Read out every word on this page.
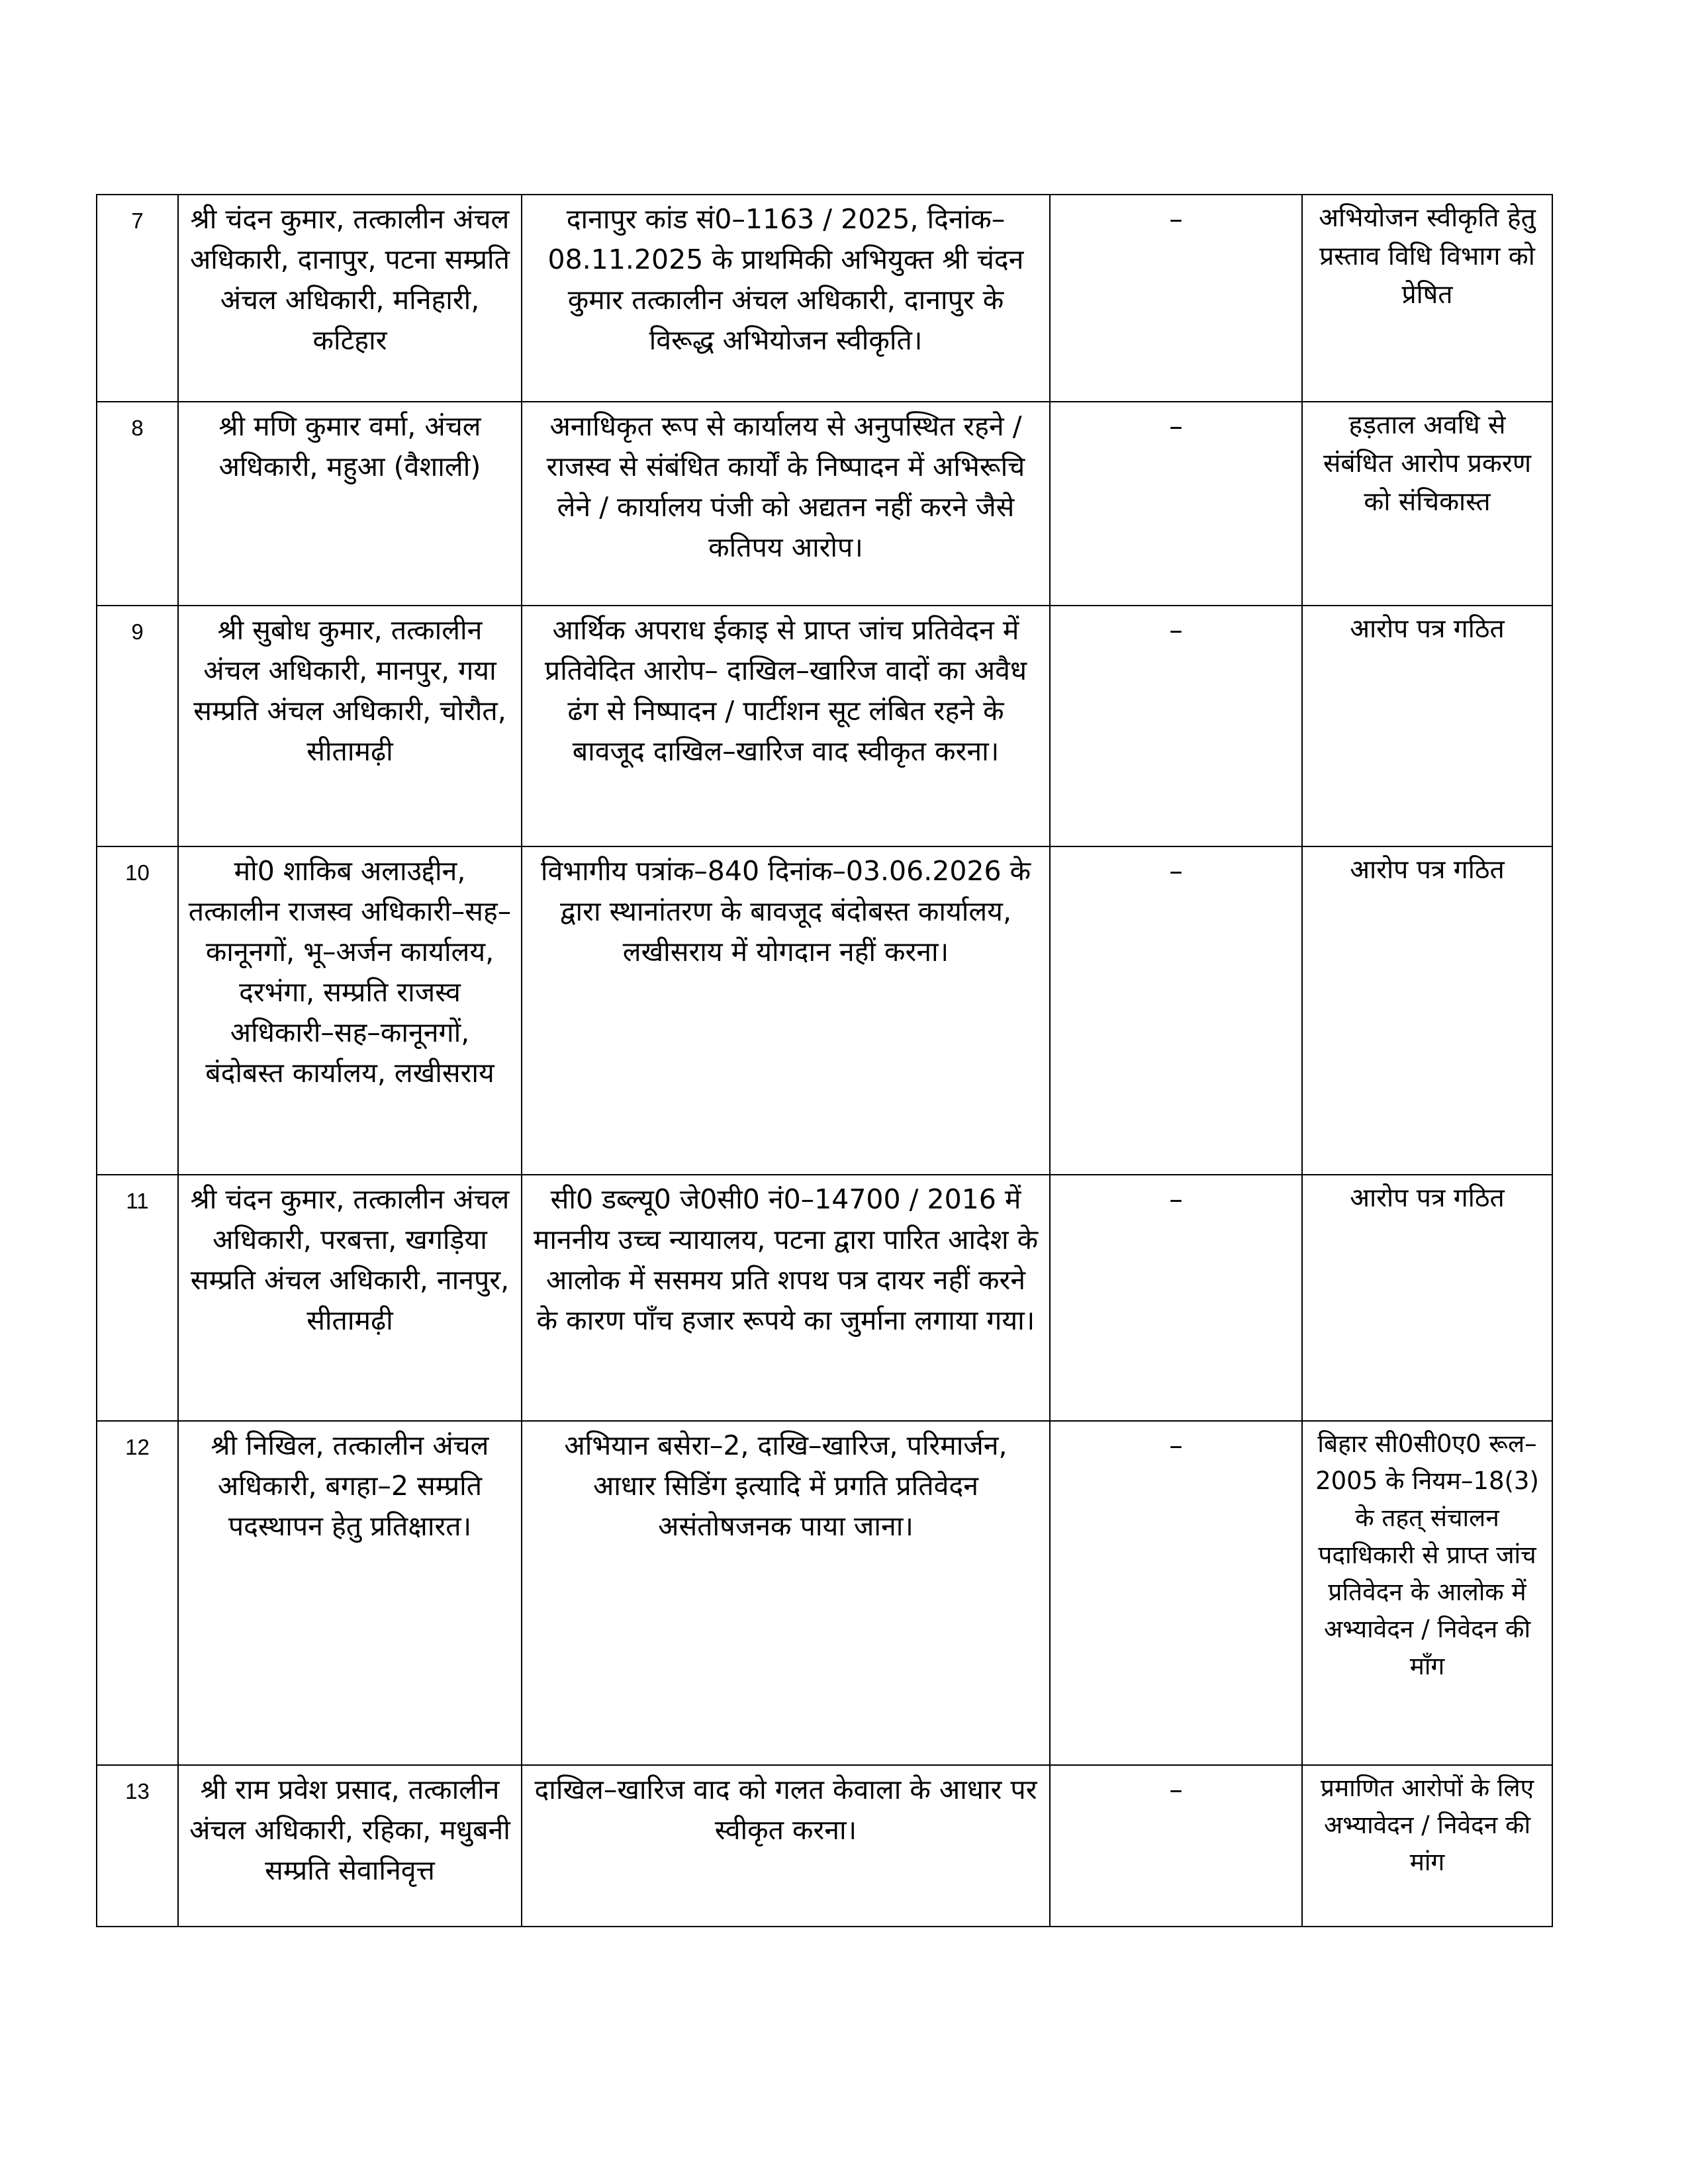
7	श्री चंदन कुमार, तत्कालीन अंचल अधिकारी, दानापुर, पटना सम्प्रति अंचल अधिकारी, मनिहारी, कटिहार	दानापुर कांड सं0–1163 / 2025, दिनांक–08.11.2025 के प्राथमिकी अभियुक्त श्री चंदन कुमार तत्कालीन अंचल अधिकारी, दानापुर के विरूद्ध अभियोजन स्वीकृति।	–	अभियोजन स्वीकृति हेतु प्रस्ताव विधि विभाग को प्रेषित
8	श्री मणि कुमार वर्मा, अंचल अधिकारी, महुआ (वैशाली)	अनाधिकृत रूप से कार्यालय से अनुपस्थित रहने / राजस्व से संबंधित कार्यों के निष्पादन में अभिरूचि लेने / कार्यालय पंजी को अद्यतन नहीं करने जैसे कतिपय आरोप।	–	हड़ताल अवधि से संबंधित आरोप प्रकरण को संचिकास्त
9	श्री सुबोध कुमार, तत्कालीन अंचल अधिकारी, मानपुर, गया सम्प्रति अंचल अधिकारी, चोरौत, सीतामढ़ी	आर्थिक अपराध ईकाइ से प्राप्त जांच प्रतिवेदन में प्रतिवेदित आरोप– दाखिल–खारिज वादों का अवैध ढंग से निष्पादन / पार्टीशन सूट लंबित रहने के बावजूद दाखिल–खारिज वाद स्वीकृत करना।	–	आरोप पत्र गठित
10	मो0 शाकिब अलाउद्दीन, तत्कालीन राजस्व अधिकारी–सह–कानूनगों, भू–अर्जन कार्यालय, दरभंगा, सम्प्रति राजस्व अधिकारी–सह–कानूनगों, बंदोबस्त कार्यालय, लखीसराय	विभागीय पत्रांक–840 दिनांक–03.06.2026 के द्वारा स्थानांतरण के बावजूद बंदोबस्त कार्यालय, लखीसराय में योगदान नहीं करना।	–	आरोप पत्र गठित
11	श्री चंदन कुमार, तत्कालीन अंचल अधिकारी, परबत्ता, खगड़िया सम्प्रति अंचल अधिकारी, नानपुर, सीतामढ़ी	सी0 डब्ल्यू0 जे0सी0 नं0–14700 / 2016 में माननीय उच्च न्यायालय, पटना द्वारा पारित आदेश के आलोक में ससमय प्रति शपथ पत्र दायर नहीं करने के कारण पाँच हजार रूपये का जुर्माना लगाया गया।	–	आरोप पत्र गठित
12	श्री निखिल, तत्कालीन अंचल अधिकारी, बगहा–2 सम्प्रति पदस्थापन हेतु प्रतिक्षारत।	अभियान बसेरा–2, दाखि–खारिज, परिमार्जन, आधार सिडिंग इत्यादि में प्रगति प्रतिवेदन असंतोषजनक पाया जाना।	–	बिहार सी0सी0ए0 रूल–2005 के नियम–18(3) के तहत् संचालन पदाधिकारी से प्राप्त जांच प्रतिवेदन के आलोक में अभ्यावेदन / निवेदन की माँग
13	श्री राम प्रवेश प्रसाद, तत्कालीन अंचल अधिकारी, रहिका, मधुबनी सम्प्रति सेवानिवृत्त	दाखिल–खारिज वाद को गलत केवाला के आधार पर स्वीकृत करना।	–	प्रमाणित आरोपों के लिए अभ्यावेदन / निवेदन की मांग
